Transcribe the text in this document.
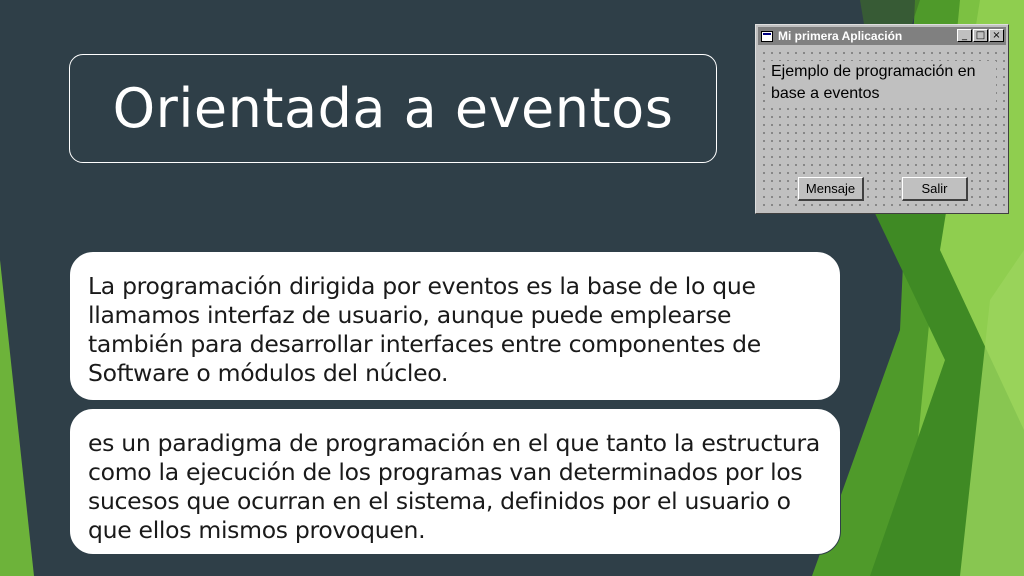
Orientada a eventos

La programación dirigida por eventos es la base de lo que llamamos interfaz de usuario, aunque puede emplearse también para desarrollar interfaces entre componentes de Software o módulos del núcleo.

es un paradigma de programación en el que tanto la estructura como la ejecución de los programas van determinados por los sucesos que ocurran en el sistema, definidos por el usuario o que ellos mismos provoquen.

Mi primera Aplicación	_ □ ×
Ejemplo de programación en base a eventos
Mensaje	Salir
